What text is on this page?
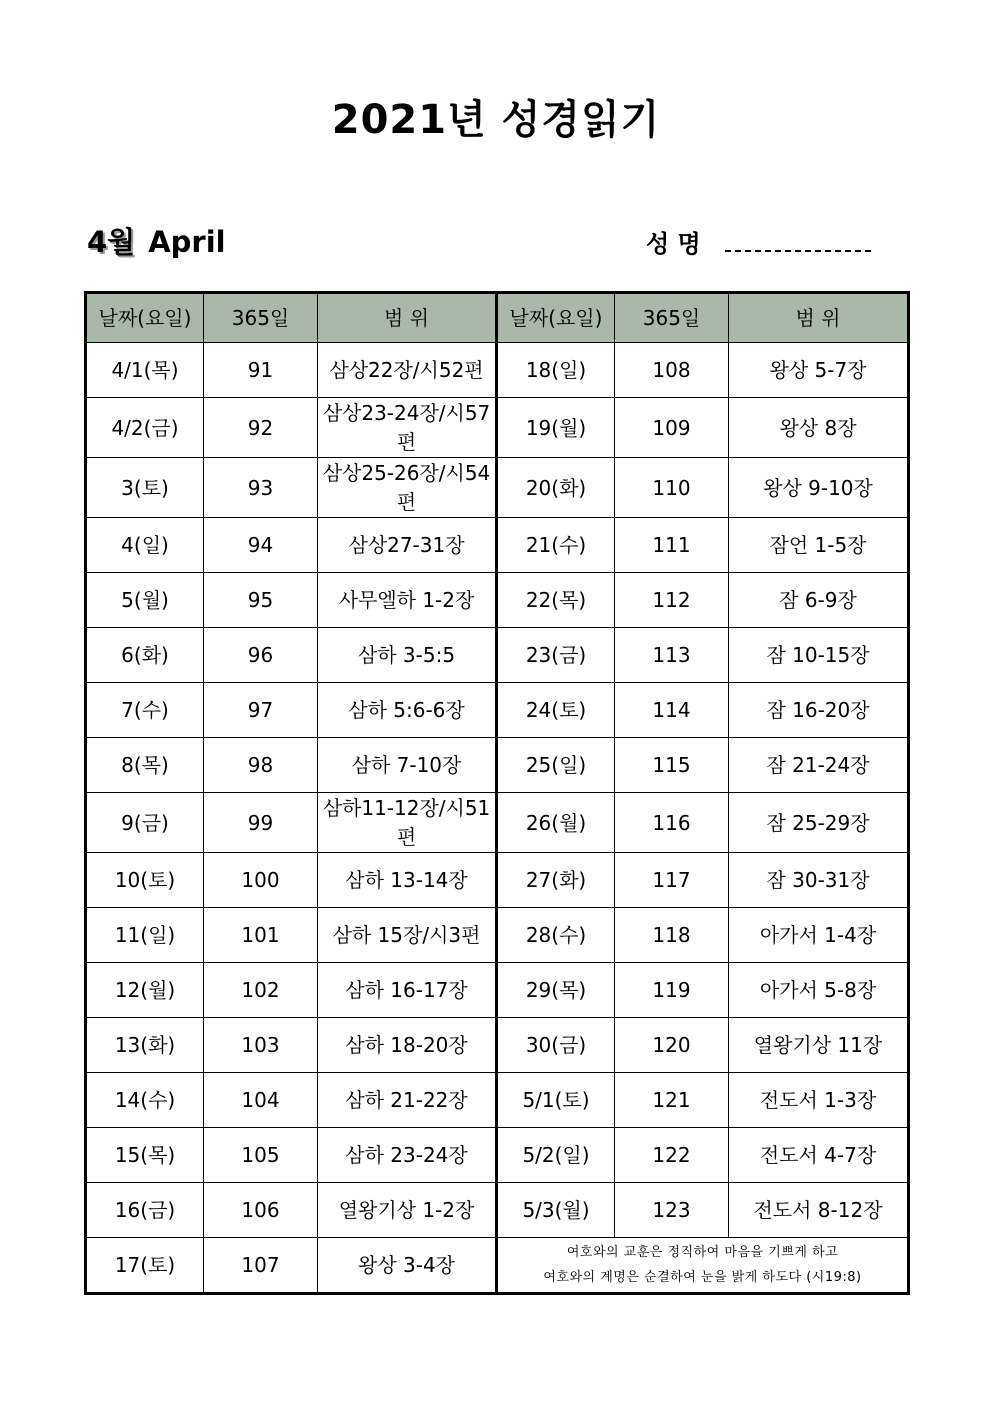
2021년 성경읽기
4월 April	성 명
날짜(요일)	365일	범 위	날짜(요일)	365일	범 위
4/1(목)	91	삼상22장/시52편	18(일)	108	왕상 5-7장
4/2(금)	92	삼상23-24장/시57편	19(월)	109	왕상 8장
3(토)	93	삼상25-26장/시54편	20(화)	110	왕상 9-10장
4(일)	94	삼상27-31장	21(수)	111	잠언 1-5장
5(월)	95	사무엘하 1-2장	22(목)	112	잠 6-9장
6(화)	96	삼하 3-5:5	23(금)	113	잠 10-15장
7(수)	97	삼하 5:6-6장	24(토)	114	잠 16-20장
8(목)	98	삼하 7-10장	25(일)	115	잠 21-24장
9(금)	99	삼하11-12장/시51편	26(월)	116	잠 25-29장
10(토)	100	삼하 13-14장	27(화)	117	잠 30-31장
11(일)	101	삼하 15장/시3편	28(수)	118	아가서 1-4장
12(월)	102	삼하 16-17장	29(목)	119	아가서 5-8장
13(화)	103	삼하 18-20장	30(금)	120	열왕기상 11장
14(수)	104	삼하 21-22장	5/1(토)	121	전도서 1-3장
15(목)	105	삼하 23-24장	5/2(일)	122	전도서 4-7장
16(금)	106	열왕기상 1-2장	5/3(월)	123	전도서 8-12장
17(토)	107	왕상 3-4장	여호와의 교훈은 정직하여 마음을 기쁘게 하고
여호와의 계명은 순결하여 눈을 밝게 하도다 (시19:8)		
